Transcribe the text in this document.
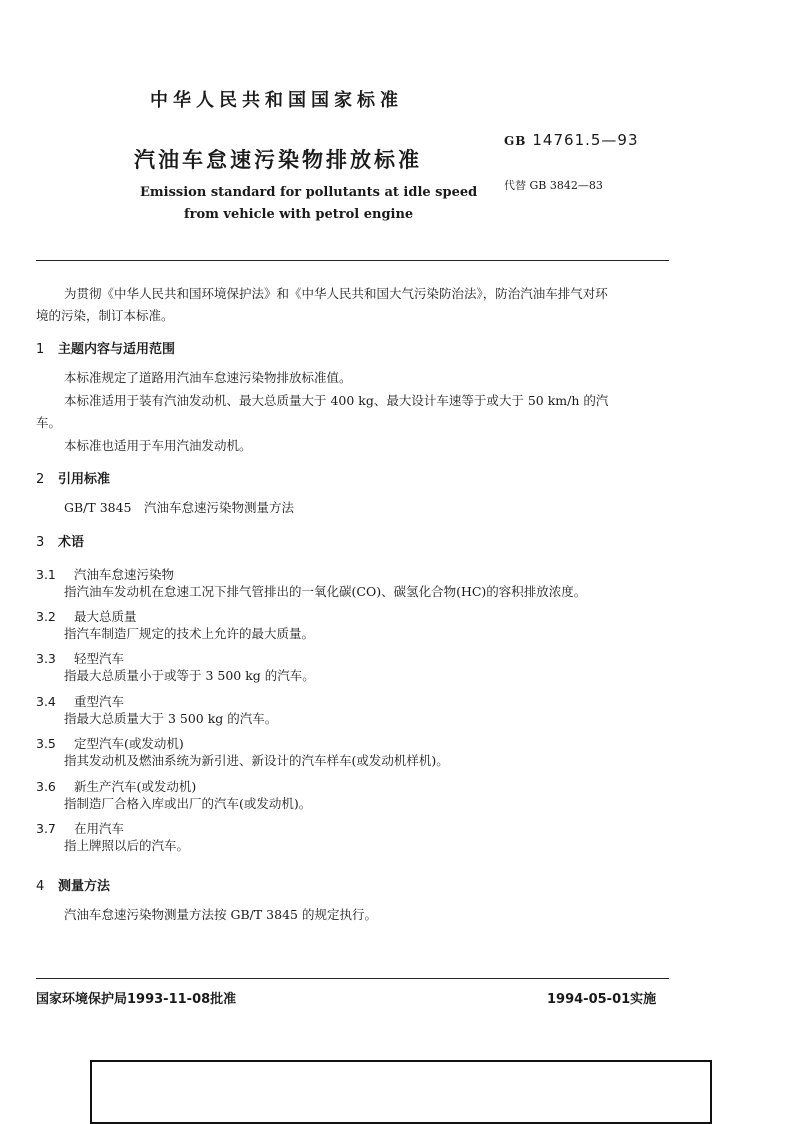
中华人民共和国国家标准
汽油车怠速污染物排放标准
Emission standard for pollutants at idle speed
from vehicle with petrol engine
GB 14761.5—93
代替 GB 3842—83
为贯彻《中华人民共和国环境保护法》和《中华人民共和国大气污染防治法》，防治汽油车排气对环
境的污染，制订本标准。
1 主题内容与适用范围
本标准规定了道路用汽油车怠速污染物排放标准值。
本标准适用于装有汽油发动机、最大总质量大于 400 kg、最大设计车速等于或大于 50 km/h 的汽
车。
本标准也适用于车用汽油发动机。
2 引用标准
GB/T 3845　汽油车怠速污染物测量方法
3 术语
3.1 汽油车怠速污染物
指汽油车发动机在怠速工况下排气管排出的一氧化碳(CO)、碳氢化合物(HC)的容积排放浓度。
3.2 最大总质量
指汽车制造厂规定的技术上允许的最大质量。
3.3 轻型汽车
指最大总质量小于或等于 3 500 kg 的汽车。
3.4 重型汽车
指最大总质量大于 3 500 kg 的汽车。
3.5 定型汽车(或发动机)
指其发动机及燃油系统为新引进、新设计的汽车样车(或发动机样机)。
3.6 新生产汽车(或发动机)
指制造厂合格入库或出厂的汽车(或发动机)。
3.7 在用汽车
指上牌照以后的汽车。
4 测量方法
汽油车怠速污染物测量方法按 GB/T 3845 的规定执行。
国家环境保护局1993-11-08批准	1994-05-01实施
